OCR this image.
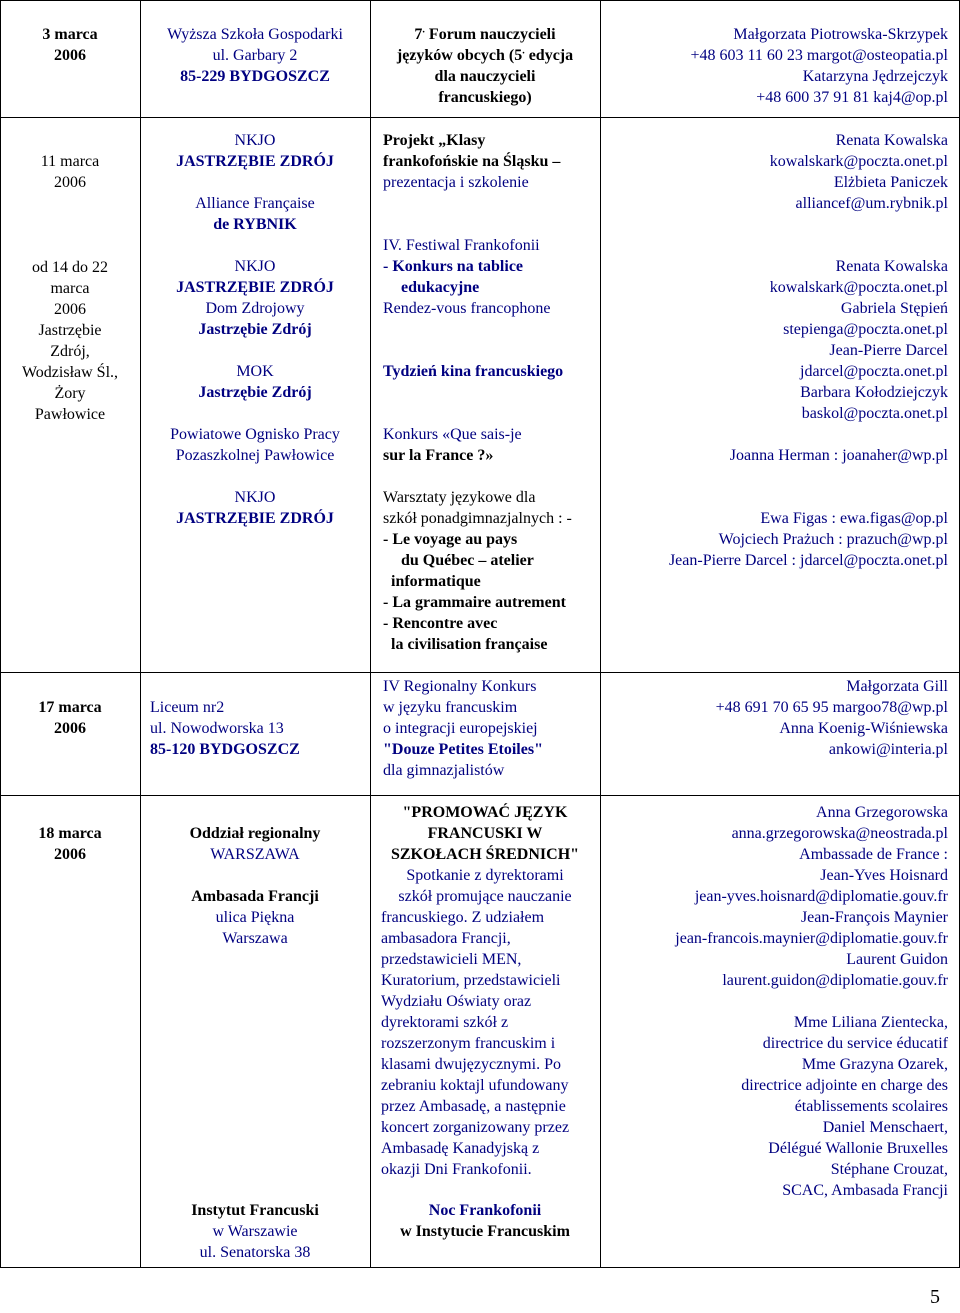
3 marca
2006
Wyższa Szkoła Gospodarki
ul. Garbary 2
85-229 BYDGOSZCZ
7. Forum nauczycieli
języków obcych (5. edycja
dla nauczycieli
francuskiego)
Małgorzata Piotrowska-Skrzypek
+48 603 11 60 23 margot@osteopatia.pl
Katarzyna Jędrzejczyk
+48 600 37 91 81 kaj4@op.pl
11 marca
2006
od 14 do 22
marca
2006
Jastrzębie
Zdrój,
Wodzisław Śl.,
Żory
Pawłowice
NKJO
JASTRZĘBIE ZDRÓJ
Alliance Française
de RYBNIK
NKJO
JASTRZĘBIE ZDRÓJ
Dom Zdrojowy
Jastrzębie Zdrój
MOK
Jastrzębie Zdrój
Powiatowe Ognisko Pracy
Pozaszkolnej Pawłowice
NKJO
JASTRZĘBIE ZDRÓJ
Projekt „Klasy
frankofońskie na Śląsku –
prezentacja i szkolenie
IV. Festiwal Frankofonii
- Konkurs na tablice
edukacyjne
Rendez-vous francophone
Tydzień kina francuskiego
Konkurs «Que sais-je
sur la France ?»
Warsztaty językowe dla
szkół ponadgimnazjalnych : -
- Le voyage au pays
du Québec – atelier
informatique
- La grammaire autrement
- Rencontre avec
la civilisation française
Renata Kowalska
kowalskark@poczta.onet.pl
Elżbieta Paniczek
alliancef@um.rybnik.pl
Renata Kowalska
kowalskark@poczta.onet.pl
Gabriela Stępień
stepienga@poczta.onet.pl
Jean-Pierre Darcel
jdarcel@poczta.onet.pl
Barbara Kołodziejczyk
baskol@poczta.onet.pl
Joanna Herman : joanaher@wp.pl
Ewa Figas : ewa.figas@op.pl
Wojciech Prażuch : prazuch@wp.pl
Jean-Pierre Darcel : jdarcel@poczta.onet.pl
17 marca
2006
Liceum nr2
ul. Nowodworska 13
85-120 BYDGOSZCZ
IV Regionalny Konkurs
w języku francuskim
o integracji europejskiej
"Douze Petites Etoiles"
dla gimnazjalistów
Małgorzata Gill
+48 691 70 65 95 margoo78@wp.pl
Anna Koenig-Wiśniewska
ankowi@interia.pl
18 marca
2006
Oddział regionalny
WARSZAWA
Ambasada Francji
ulica Piękna
Warszawa
Instytut Francuski
w Warszawie
ul. Senatorska 38
"PROMOWAĆ JĘZYK
FRANCUSKI W
SZKOŁACH ŚREDNICH"
Spotkanie z dyrektorami
szkół promujące nauczanie
francuskiego. Z udziałem
ambasadora Francji,
przedstawicieli MEN,
Kuratorium, przedstawicieli
Wydziału Oświaty oraz
dyrektorami szkół z
rozszerzonym francuskim i
klasami dwujęzycznymi. Po
zebraniu koktajl ufundowany
przez Ambasadę, a następnie
koncert zorganizowany przez
Ambasadę Kanadyjską z
okazji Dni Frankofonii.
Noc Frankofonii
w Instytucie Francuskim
Anna Grzegorowska
anna.grzegorowska@neostrada.pl
Ambassade de France :
Jean-Yves Hoisnard
jean-yves.hoisnard@diplomatie.gouv.fr
Jean-François Maynier
jean-francois.maynier@diplomatie.gouv.fr
Laurent Guidon
laurent.guidon@diplomatie.gouv.fr
Mme Liliana Zientecka,
directrice du service éducatif
Mme Grazyna Ozarek,
directrice adjointe en charge des
établissements scolaires
Daniel Menschaert,
Délégué Wallonie Bruxelles
Stéphane Crouzat,
SCAC, Ambasada Francji
5
